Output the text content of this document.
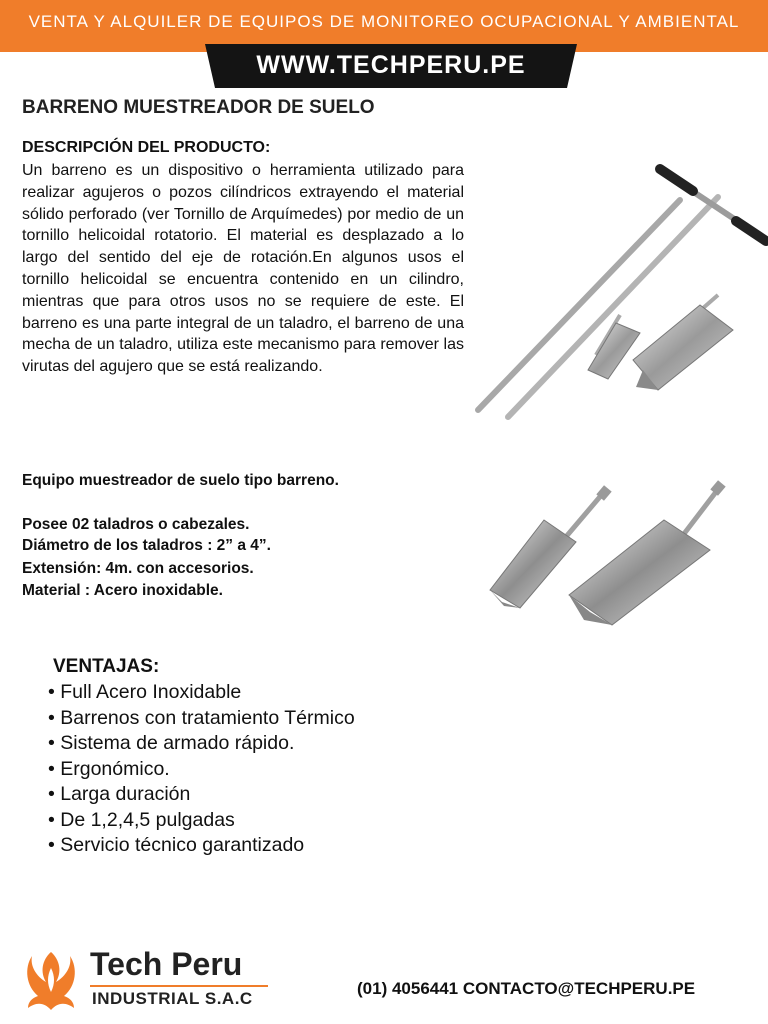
VENTA Y ALQUILER DE EQUIPOS DE MONITOREO OCUPACIONAL Y AMBIENTAL
WWW.TECHPERU.PE
BARRENO MUESTREADOR DE SUELO
DESCRIPCIÓN DEL PRODUCTO:
Un barreno es un dispositivo o herramienta utilizado para realizar agujeros o pozos cilíndricos extrayendo el material sólido perforado (ver Tornillo de Arquímedes) por medio de un tornillo helicoidal rotatorio. El material es desplazado a lo largo del sentido del eje de rotación.En algunos usos el tornillo helicoidal se encuentra contenido en un cilindro, mientras que para otros usos no se requiere de este. El barreno es una parte integral de un taladro, el barreno de una mecha de un taladro, utiliza este mecanismo para remover las virutas del agujero que se está realizando.
Equipo muestreador de suelo tipo barreno.
Posee 02 taladros o cabezales.
Diámetro de los taladros : 2” a 4”.
Extensión: 4m. con accesorios.
Material : Acero inoxidable.
VENTAJAS:
• Full Acero Inoxidable
• Barrenos con tratamiento Térmico
• Sistema de armado rápido.
• Ergonómico.
• Larga duración
• De 1,2,4,5 pulgadas
• Servicio técnico garantizado
Tech Peru
INDUSTRIAL S.A.C
(01) 4056441 CONTACTO@TECHPERU.PE
